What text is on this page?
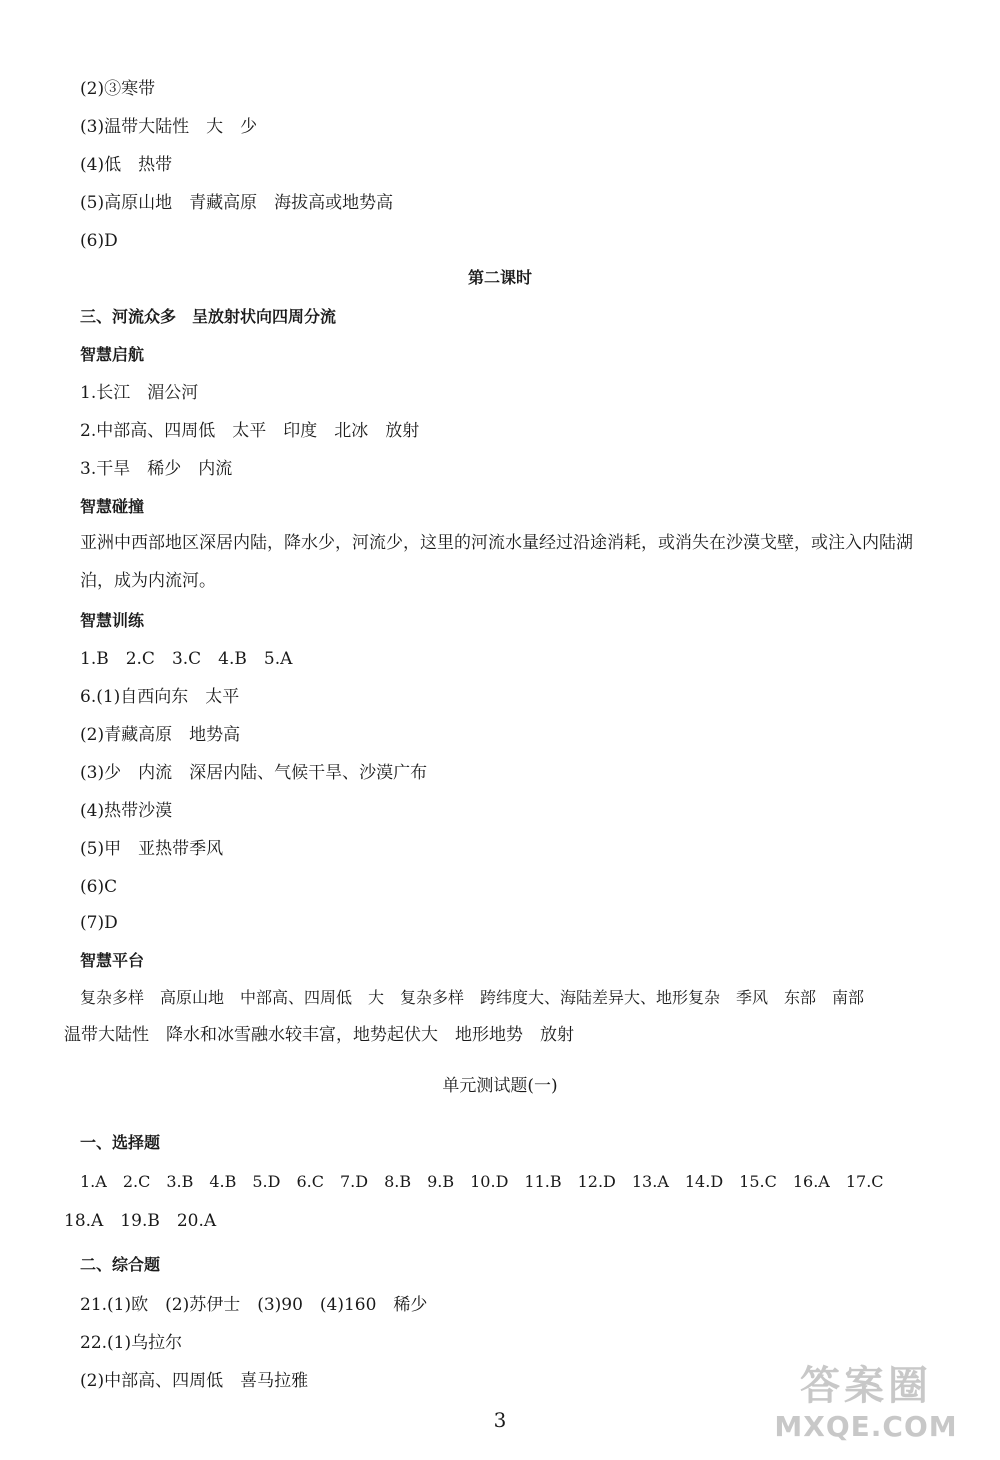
(2)③寒带
(3)温带大陆性　大　少
(4)低　热带
(5)高原山地　青藏高原　海拔高或地势高
(6)D
第二课时
三、河流众多　呈放射状向四周分流
智慧启航
1.长江　湄公河
2.中部高、四周低　太平　印度　北冰　放射
3.干旱　稀少　内流
智慧碰撞
亚洲中西部地区深居内陆，降水少，河流少，这里的河流水量经过沿途消耗，或消失在沙漠戈壁，或注入内陆湖泊，成为内流河。
智慧训练
1.B　2.C　3.C　4.B　5.A
6.(1)自西向东　太平
(2)青藏高原　地势高
(3)少　内流　深居内陆、气候干旱、沙漠广布
(4)热带沙漠
(5)甲　亚热带季风
(6)C
(7)D
智慧平台
复杂多样　高原山地　中部高、四周低　大　复杂多样　跨纬度大、海陆差异大、地形复杂　季风　东部　南部
温带大陆性　降水和冰雪融水较丰富，地势起伏大　地形地势　放射
单元测试题(一)
一、选择题
1.A　2.C　3.B　4.B　5.D　6.C　7.D　8.B　9.B　10.D　11.B　12.D　13.A　14.D　15.C　16.A　17.C
18.A　19.B　20.A
二、综合题
21.(1)欧　(2)苏伊士　(3)90　(4)160　稀少
22.(1)乌拉尔
(2)中部高、四周低　喜马拉雅
3
答案圈
MXQE.COM
